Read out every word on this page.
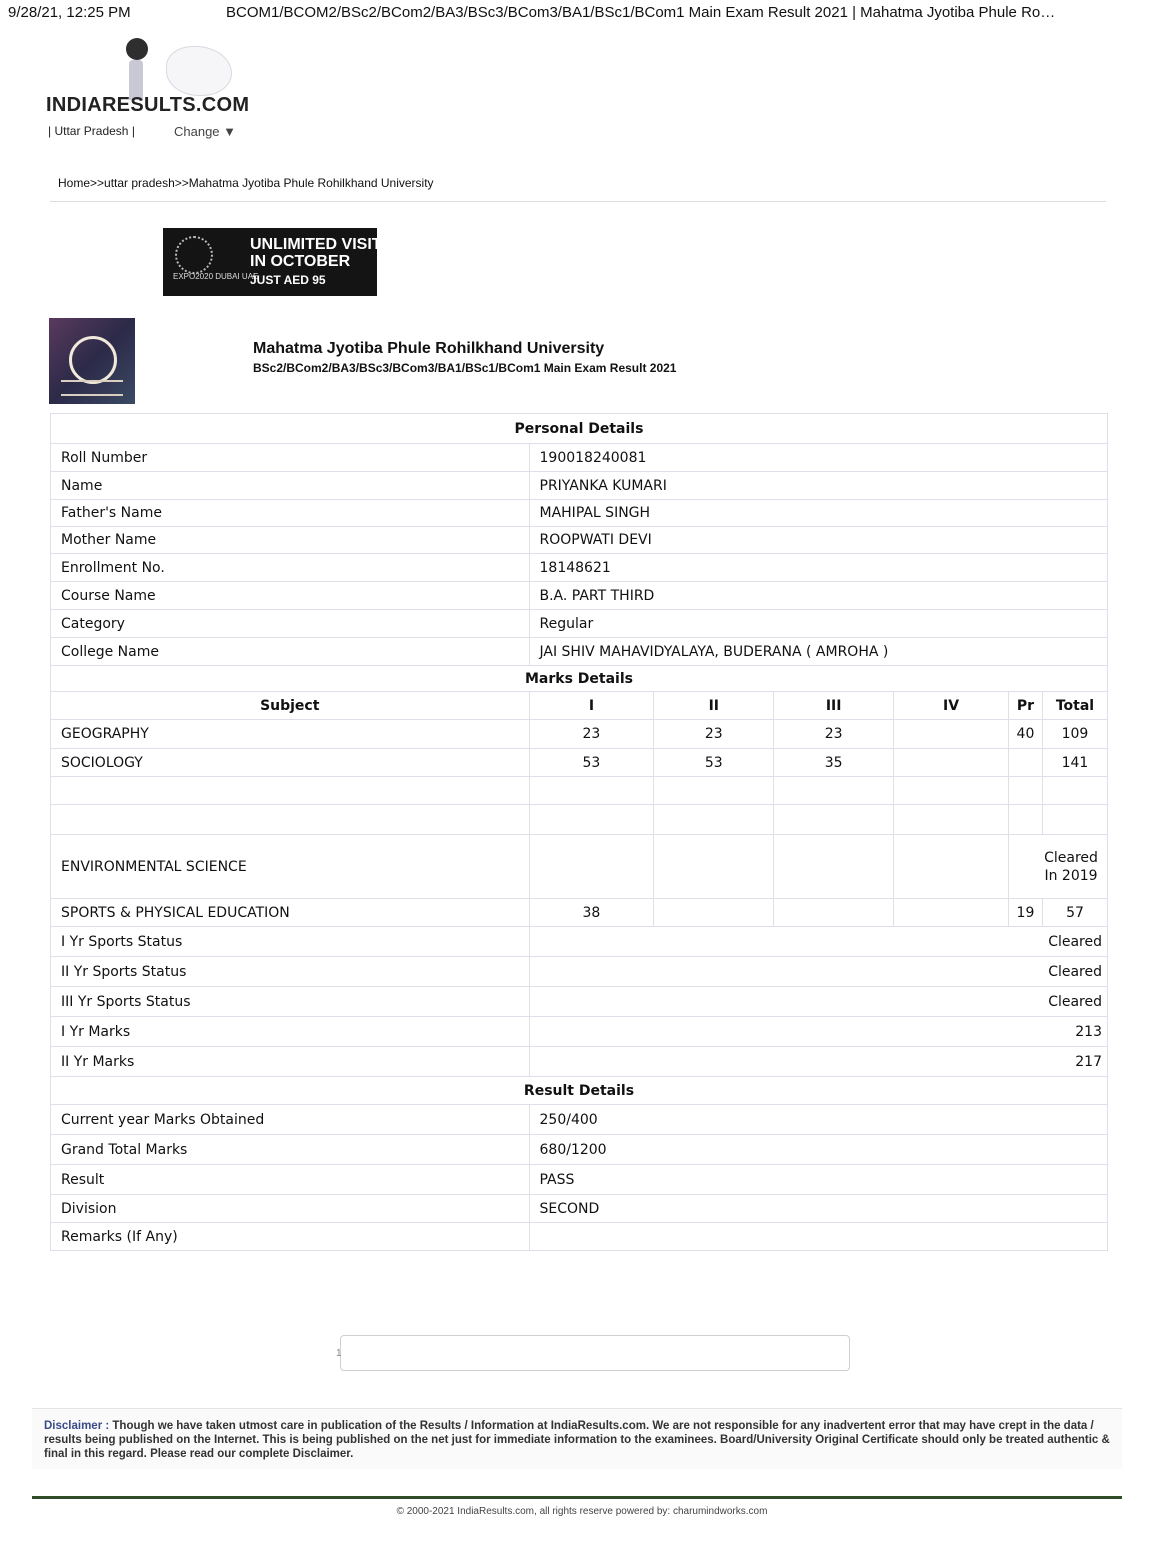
9/28/21, 12:25 PM	BCOM1/BCOM2/BSc2/BCom2/BA3/BSc3/BCom3/BA1/BSc1/BCom1 Main Exam Result 2021 | Mahatma Jyotiba Phule Ro…
INDIARESULTS.COM
| Uttar Pradesh |	Change ▼
Home>>uttar pradesh>>Mahatma Jyotiba Phule Rohilkhand University
EXPO2020 DUBAI UAE
UNLIMITED VISITS
IN OCTOBER
JUST AED 95
Mahatma Jyotiba Phule Rohilkhand University
BSc2/BCom2/BA3/BSc3/BCom3/BA1/BSc1/BCom1 Main Exam Result 2021
Personal Details						
Roll Number	190018240081					
Name	PRIYANKA KUMARI					
Father's Name	MAHIPAL SINGH					
Mother Name	ROOPWATI DEVI					
Enrollment No.	18148621					
Course Name	B.A. PART THIRD					
Category	Regular					
College Name	JAI SHIV MAHAVIDYALAYA, BUDERANA ( AMROHA )					
Marks Details						
Subject	I	II	III	IV	Pr	Total
GEOGRAPHY	23	23	23		40	109
SOCIOLOGY	53	53	35			141

ENVIRONMENTAL SCIENCE					Cleared In 2019	

SPORTS & PHYSICAL EDUCATION	38				19	57
I Yr Sports Status	Cleared					
II Yr Sports Status	Cleared					
III Yr Sports Status	Cleared					
I Yr Marks	213					
II Yr Marks	217					
Result Details						
Current year Marks Obtained	250/400					
Grand Total Marks	680/1200					
Result	PASS					
Division	SECOND					
Remarks (If Any)						
1

Disclaimer : Though we have taken utmost care in publication of the Results / Information at IndiaResults.com. We are not responsible for any inadvertent error that may have crept in the data / results being published on the Internet. This is being published on the net just for immediate information to the examinees. Board/University Original Certificate should only be treated authentic & final in this regard. Please read our complete Disclaimer.

© 2000-2021 IndiaResults.com, all rights reserve powered by: charumindworks.com
